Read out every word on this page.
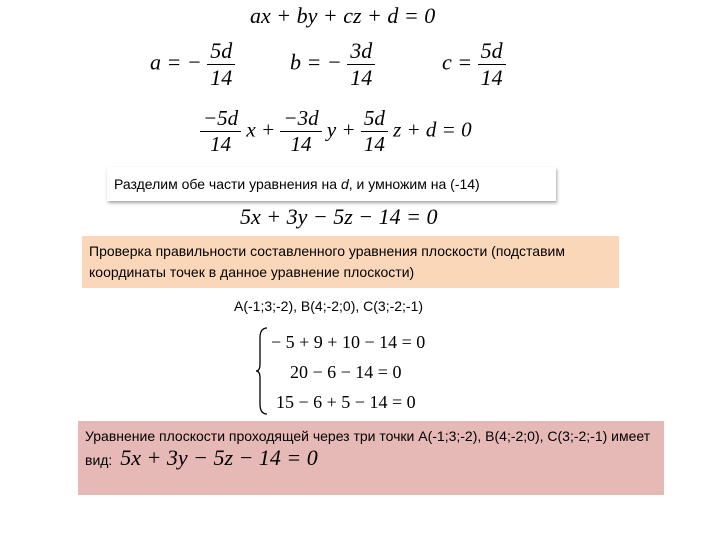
ax + by + cz + d = 0
a = − $\frac{5d}{14}$ b = − $\frac{3d}{14}$	$c = \frac{5d}{14}$
$\frac{-5d}{14}$ $x + \frac{-3d}{14}$ $y + \frac{5d}{14}$ z + d = 0
Разделим обе части уравнения на d, и умножим на (-14)
5x + 3y − 5z − 14 = 0
Проверка правильности составленного уравнения плоскости (подставим координаты точек в данное уравнение плоскости)
A(-1;3;-2), B(4;-2;0), C(3;-2;-1)
− 5 + 9 + 10 − 14 = 0
20 − 6 − 14 = 0
15 − 6 + 5 − 14 = 0
Уравнение плоскости проходящей через три точки A(-1;3;-2), B(4;-2;0), C(3;-2;-1) имеет вид: 5x + 3y − 5z − 14 = 0
